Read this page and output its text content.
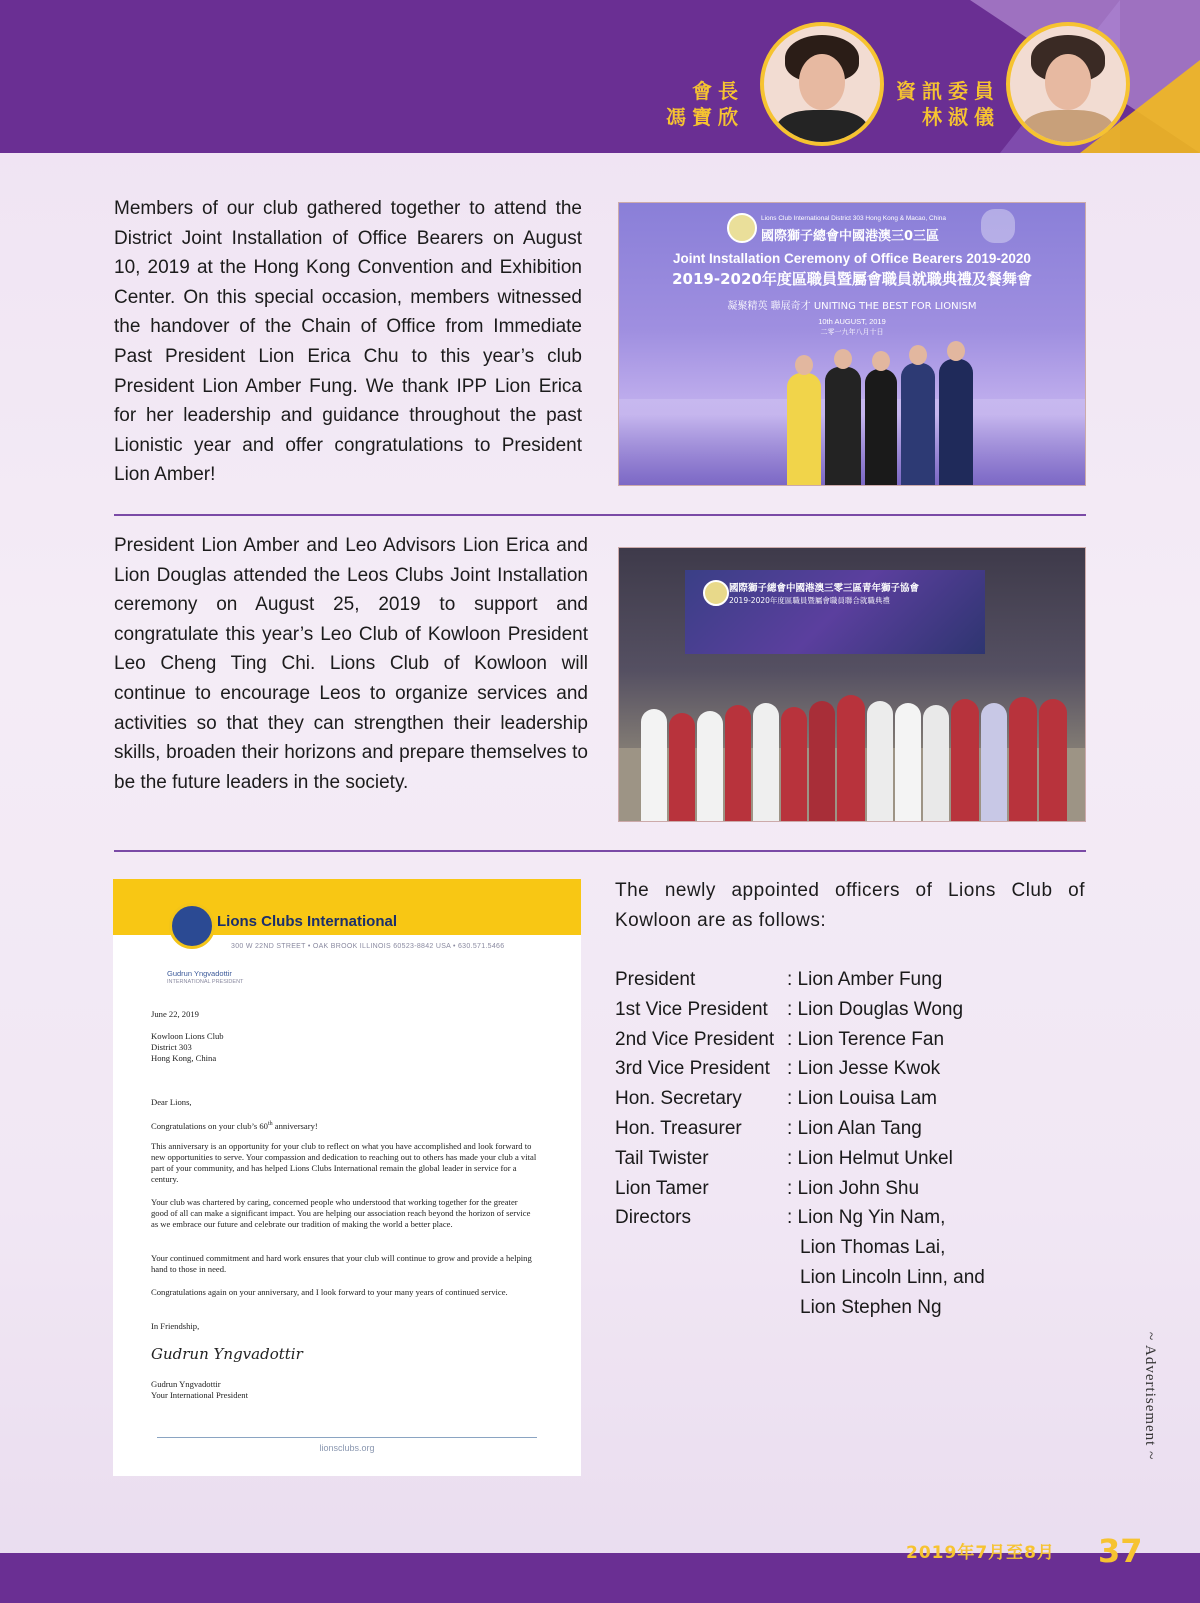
會長
馮寶欣
資訊委員
林淑儀
Members of our club gathered together to attend the District Joint Installation of Office Bearers on August 10, 2019 at the Hong Kong Convention and Exhibition Center. On this special occasion, members witnessed the handover of the Chain of Office from Immediate Past President Lion Erica Chu to this year’s club President Lion Amber Fung. We thank IPP Lion Erica for her leadership and guidance throughout the past Lionistic year and offer congratulations to President Lion Amber!
Lions Club International District 303 Hong Kong & Macao, China
國際獅子總會中國港澳三0三區
Joint Installation Ceremony of Office Bearers 2019-2020
2019-2020年度區職員暨屬會職員就職典禮及餐舞會
凝聚精英 聯展奇才 UNITING THE BEST FOR LIONISM
10th AUGUST, 2019
二零一九年八月十日
President Lion Amber and Leo Advisors Lion Erica and Lion Douglas attended the Leos Clubs Joint Installation ceremony on August 25, 2019 to support and congratulate this year’s Leo Club of Kowloon President Leo Cheng Ting Chi. Lions Club of Kowloon will continue to encourage Leos to organize services and activities so that they can strengthen their leadership skills, broaden their horizons and prepare themselves to be the future leaders in the society.
國際獅子總會中國港澳三零三區青年獅子協會
2019-2020年度區職員暨屬會職員聯合就職典禮
Lions Clubs International
300 W 22ND STREET • OAK BROOK ILLINOIS 60523-8842 USA • 630.571.5466
Gudrun Yngvadottir
INTERNATIONAL PRESIDENT
June 22, 2019
Kowloon Lions Club
District 303
Hong Kong, China
Dear Lions,
Congratulations on your club’s 60th anniversary!
This anniversary is an opportunity for your club to reflect on what you have accomplished and look forward to new opportunities to serve. Your compassion and dedication to reaching out to others has made your club a vital part of your community, and has helped Lions Clubs International remain the global leader in service for a century.
Your club was chartered by caring, concerned people who understood that working together for the greater good of all can make a significant impact. You are helping our association reach beyond the horizon of service as we embrace our future and celebrate our tradition of making the world a better place.
Your continued commitment and hard work ensures that your club will continue to grow and provide a helping hand to those in need.
Congratulations again on your anniversary, and I look forward to your many years of continued service.
In Friendship,
Gudrun Yngvadottir
Gudrun Yngvadottir
Your International President
lionsclubs.org
The newly appointed officers of Lions Club of Kowloon are as follows:
President	: Lion Amber Fung
1st Vice President : Lion Douglas Wong
2nd Vice President : Lion Terence Fan
3rd Vice President : Lion Jesse Kwok
Hon. Secretary : Lion Louisa Lam
Hon. Treasurer : Lion Alan Tang
Tail Twister	: Lion Helmut Unkel
Lion Tamer	: Lion John Shu
Directors	: Lion Ng Yin Nam,
Lion Thomas Lai,
Lion Lincoln Linn, and
Lion Stephen Ng
~ Advertisement ~
2019年7月至8月 37
